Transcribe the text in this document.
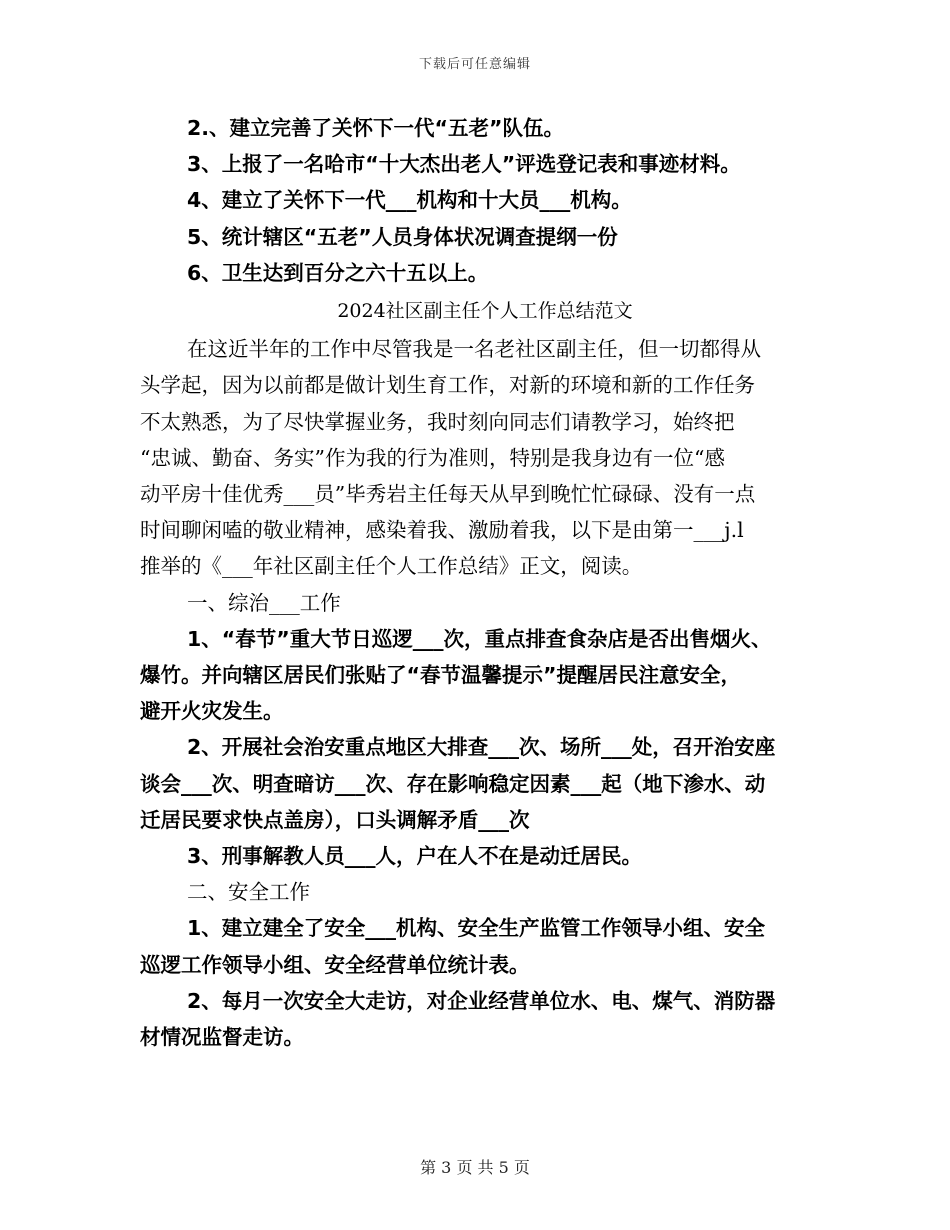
下载后可任意编辑
2.、建立完善了关怀下一代“五老”队伍。
3、上报了一名哈市“十大杰出老人”评选登记表和事迹材料。
4、建立了关怀下一代___机构和十大员___机构。
5、统计辖区“五老”人员身体状况调查提纲一份
6、卫生达到百分之六十五以上。
2024社区副主任个人工作总结范文
在这近半年的工作中尽管我是一名老社区副主任，但一切都得从
头学起，因为以前都是做计划生育工作，对新的环境和新的工作任务
不太熟悉，为了尽快掌握业务，我时刻向同志们请教学习，始终把
“忠诚、勤奋、务实”作为我的行为准则，特别是我身边有一位“感
动平房十佳优秀___员”毕秀岩主任每天从早到晚忙忙碌碌、没有一点
时间聊闲嗑的敬业精神，感染着我、激励着我，以下是由第一___j.l
推举的《___年社区副主任个人工作总结》正文，阅读。
一、综治___工作
1、“春节”重大节日巡逻___次，重点排查食杂店是否出售烟火、
爆竹。并向辖区居民们张贴了“春节温馨提示”提醒居民注意安全，
避开火灾发生。
2、开展社会治安重点地区大排查___次、场所___处，召开治安座
谈会___次、明查暗访___次、存在影响稳定因素___起（地下渗水、动
迁居民要求快点盖房），口头调解矛盾___次
3、刑事解教人员___人，户在人不在是动迁居民。
二、安全工作
1、建立建全了安全___机构、安全生产监管工作领导小组、安全
巡逻工作领导小组、安全经营单位统计表。
2、每月一次安全大走访，对企业经营单位水、电、煤气、消防器
材情况监督走访。
第 3 页 共 5 页
